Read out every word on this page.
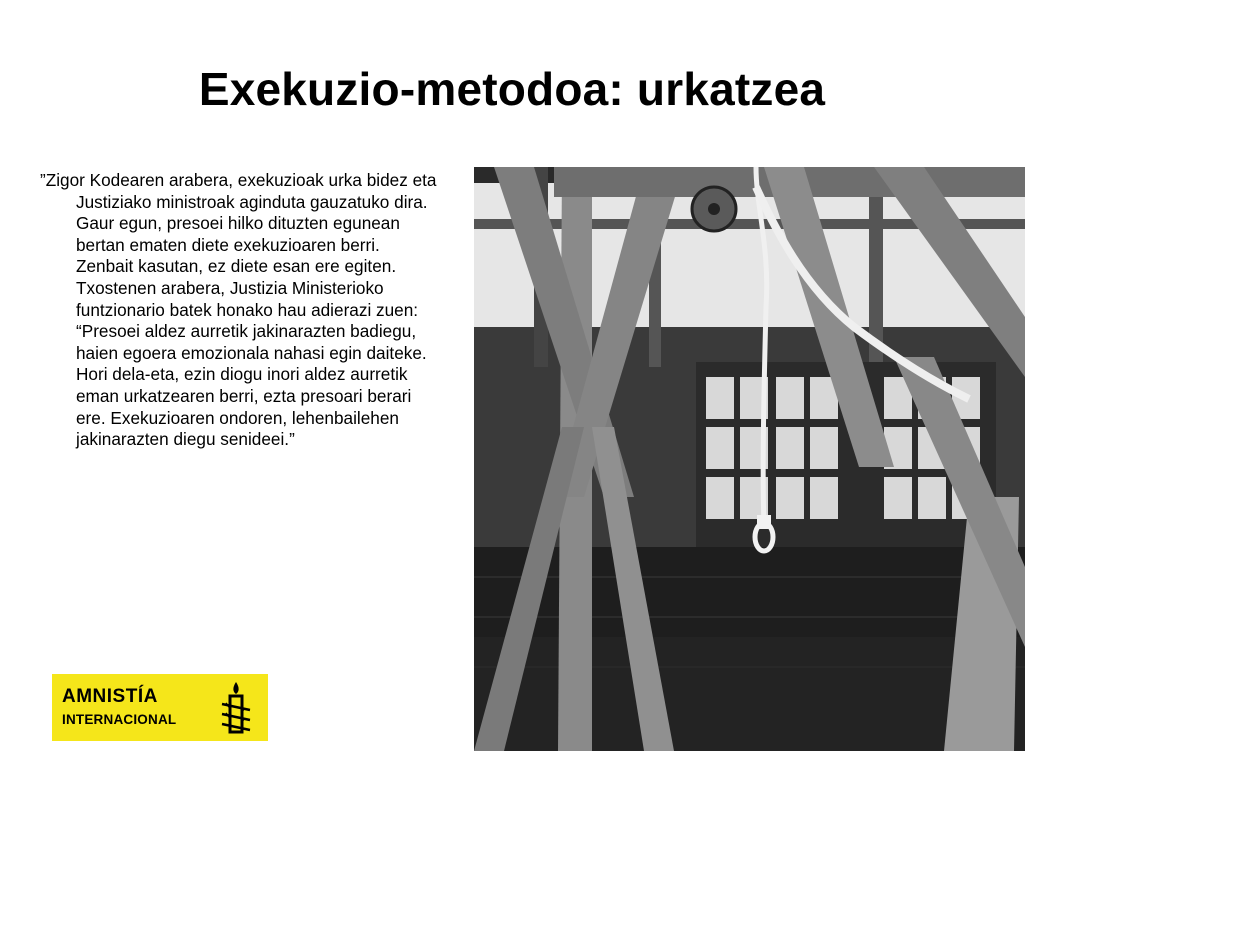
Exekuzio-metodoa: urkatzea

”Zigor Kodearen arabera, exekuzioak urka bidez eta Justiziako ministroak aginduta gauzatuko dira. Gaur egun, presoei hilko dituzten egunean bertan ematen diete exekuzioaren berri. Zenbait kasutan, ez diete esan ere egiten. Txostenen arabera, Justizia Ministerioko funtzionario batek honako hau adierazi zuen: “Presoei aldez aurretik jakinarazten badiegu, haien egoera emozionala nahasi egin daiteke. Hori dela-eta, ezin diogu inori aldez aurretik eman urkatzearen berri, ezta presoari berari ere. Exekuzioaren ondoren, lehenbailehen jakinarazten diegu senideei.”

Osakako Atxilotze Zentroko exekuzio-gela. Japonia.
AMNISTÍA
INTERNACIONAL
